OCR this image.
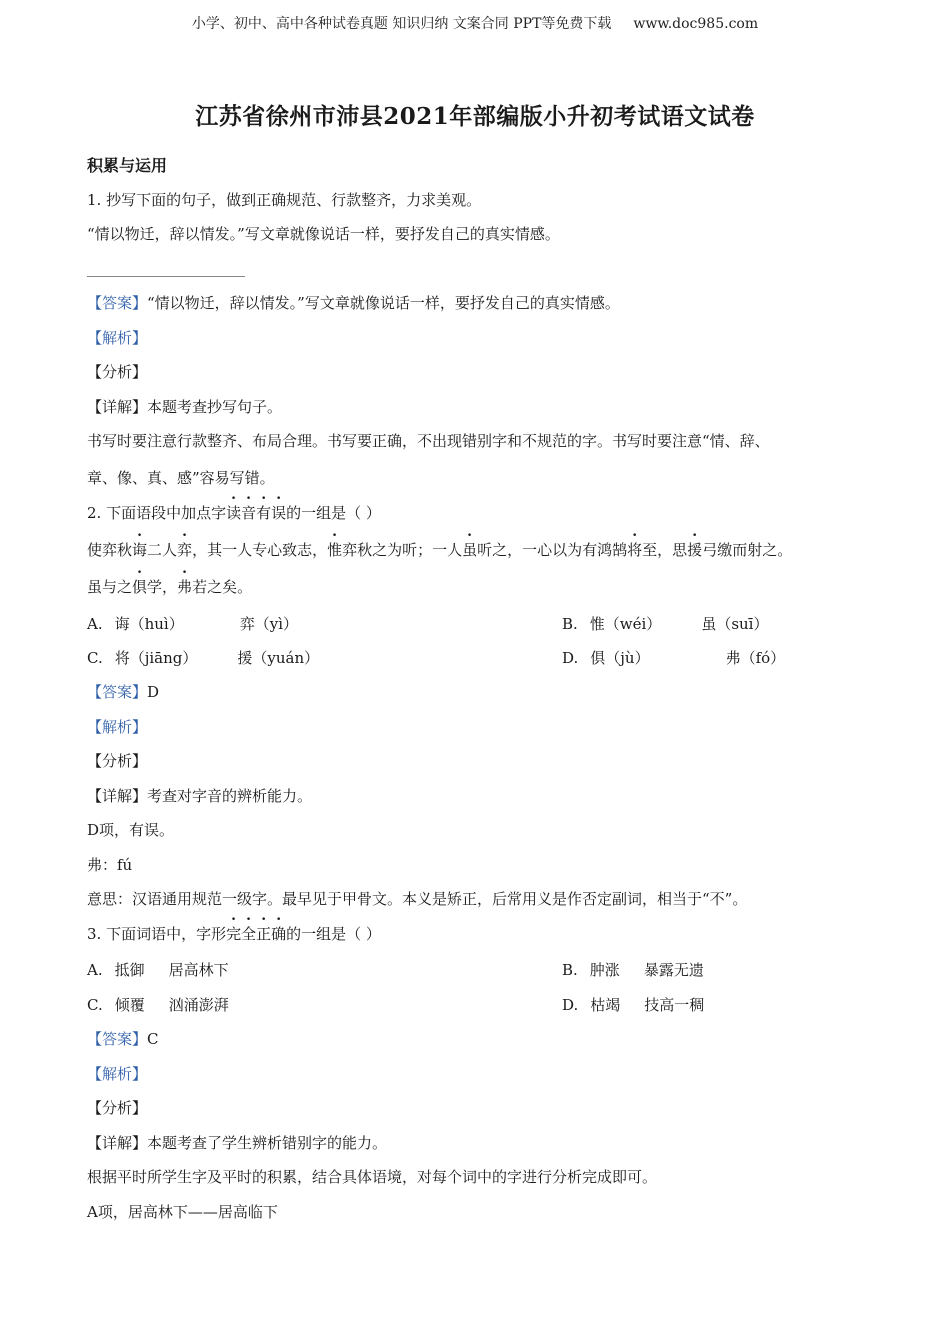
小学、初中、高中各种试卷真题 知识归纳 文案合同 PPT等免费下载 www.doc985.com
江苏省徐州市沛县2021年部编版小升初考试语文试卷
积累与运用
1. 抄写下面的句子，做到正确规范、行款整齐，力求美观。
“情以物迁，辞以情发。”写文章就像说话一样，要抒发自己的真实情感。
【答案】“情以物迁，辞以情发。”写文章就像说话一样，要抒发自己的真实情感。
【解析】
【分析】
【详解】本题考查抄写句子。
书写时要注意行款整齐、布局合理。书写要正确，不出现错别字和不规范的字。书写时要注意“情、辞、
章、像、真、感”容易写错。
2. 下面语段中加点字读音有误的一组是（ ）
使弈秋诲二人弈，其一人专心致志，惟弈秋之为听；一人虽听之，一心以为有鸿鹄将至，思援弓缴而射之。
虽与之俱学，弗若之矣。
A. 诲（huì）	弈（yì）	B. 惟（wéi）	虽（suī）
C. 将（jiāng）	援（yuán）	D. 俱（jù）	弗（fó）
【答案】D
【解析】
【分析】
【详解】考查对字音的辨析能力。
D项，有误。
弗：fú
意思：汉语通用规范一级字。最早见于甲骨文。本义是矫正，后常用义是作否定副词，相当于“不”。
3. 下面词语中，字形完全正确的一组是（ ）
A. 抵御 居高林下	B. 肿涨 暴露无遗
C. 倾覆 汹涌澎湃	D. 枯竭 技高一稠
【答案】C
【解析】
【分析】
【详解】本题考查了学生辨析错别字的能力。
根据平时所学生字及平时的积累，结合具体语境，对每个词中的字进行分析完成即可。
A项，居高林下——居高临下
